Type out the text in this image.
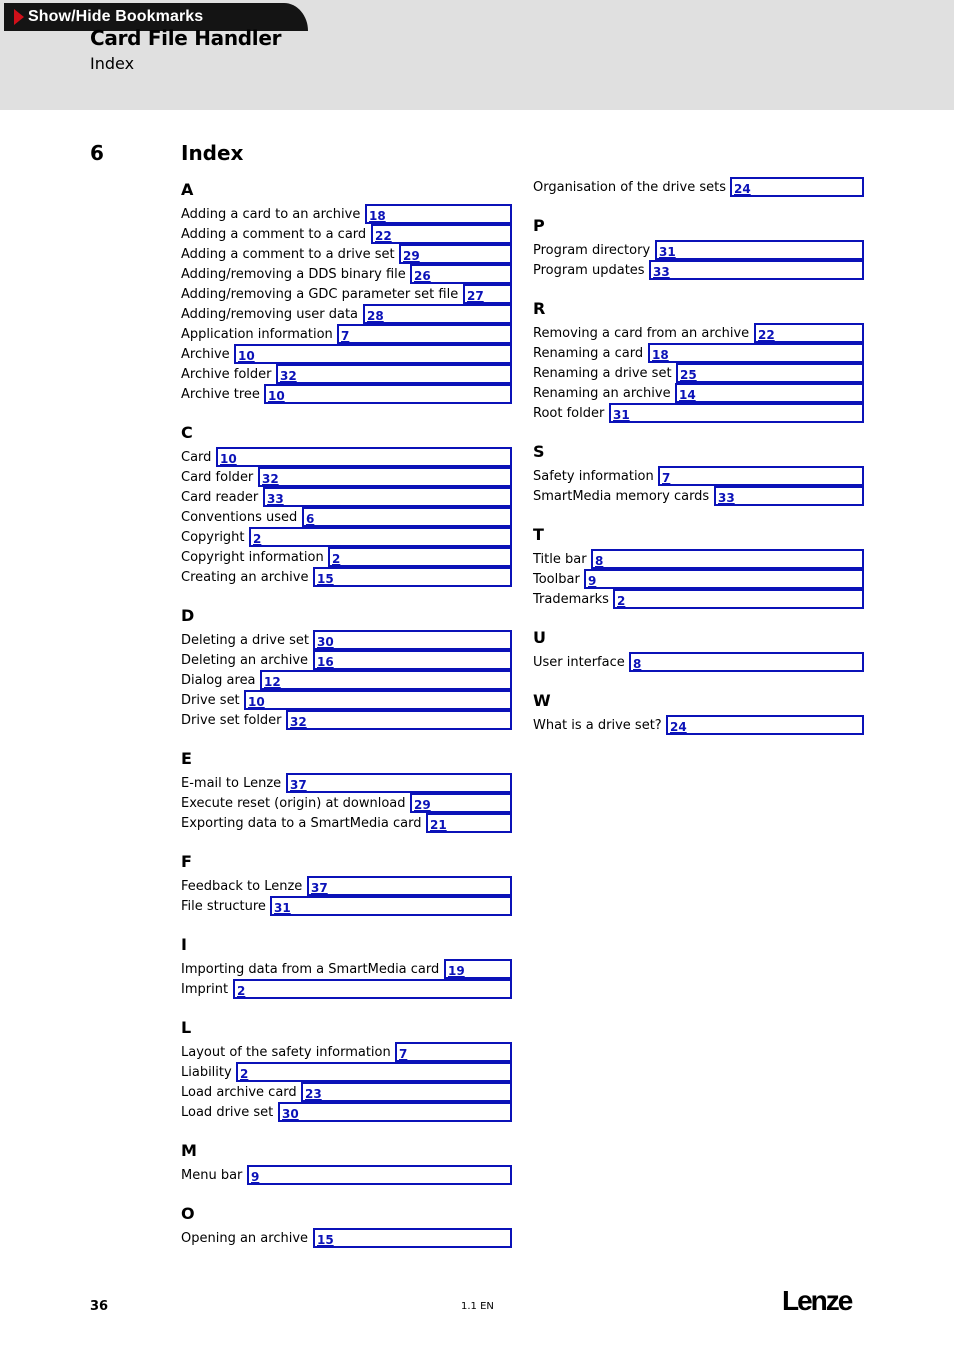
Show/Hide Bookmarks
Card File Handler
Index
6	Index
A
Adding a card to an archive 18
Adding a comment to a card 22
Adding a comment to a drive set 29
Adding/removing a DDS binary file 26
Adding/removing a GDC parameter set file 27
Adding/removing user data 28
Application information 7
Archive 10
Archive folder 32
Archive tree 10
C
Card 10
Card folder 32
Card reader 33
Conventions used 6
Copyright 2
Copyright information 2
Creating an archive 15
D
Deleting a drive set 30
Deleting an archive 16
Dialog area 12
Drive set 10
Drive set folder 32
E
E-mail to Lenze 37
Execute reset (origin) at download 29
Exporting data to a SmartMedia card 21
F
Feedback to Lenze 37
File structure 31
I
Importing data from a SmartMedia card 19
Imprint 2
L
Layout of the safety information 7
Liability 2
Load archive card 23
Load drive set 30
M
Menu bar 9
O
Opening an archive 15
Organisation of the drive sets 24
P
Program directory 31
Program updates 33
R
Removing a card from an archive 22
Renaming a card 18
Renaming a drive set 25
Renaming an archive 14
Root folder 31
S
Safety information 7
SmartMedia memory cards 33
T
Title bar 8
Toolbar 9
Trademarks 2
U
User interface 8
W
What is a drive set? 24
36	1.1 EN	Lenze
